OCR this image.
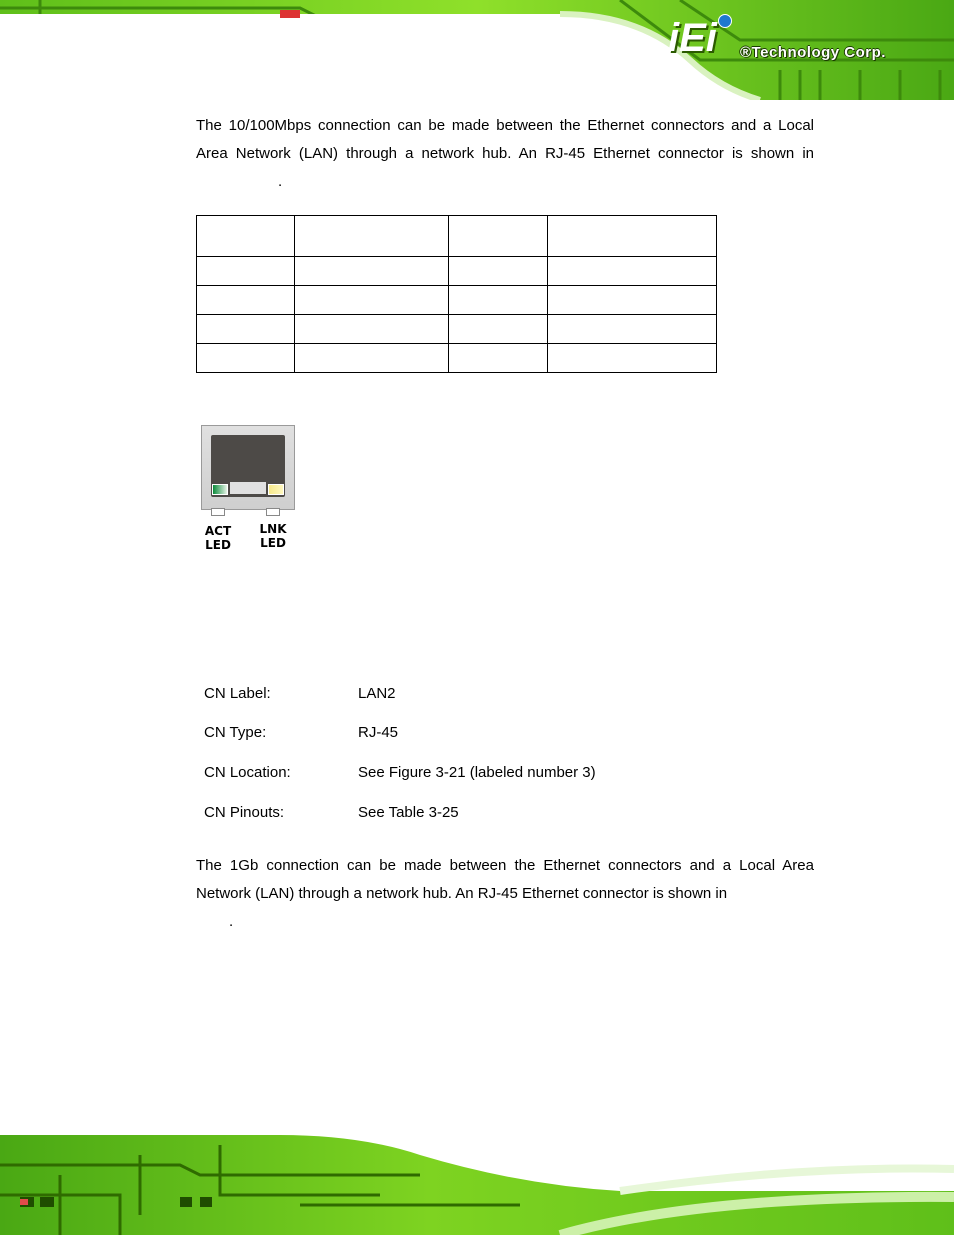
iEi ®Technology Corp.
The 10/100Mbps connection can be made between the Ethernet connectors and a Local
Area Network (LAN) through a network hub. An RJ-45 Ethernet connector is shown in
.

ACT
LED
LNK
LED
CN Label:	LAN2
CN Type:	RJ-45
CN Location:	See Figure 3-21 (labeled number 3)
CN Pinouts:	See Table 3-25
The 1Gb connection can be made between the Ethernet connectors and a Local Area
Network (LAN) through a network hub. An RJ-45 Ethernet connector is shown in
.
